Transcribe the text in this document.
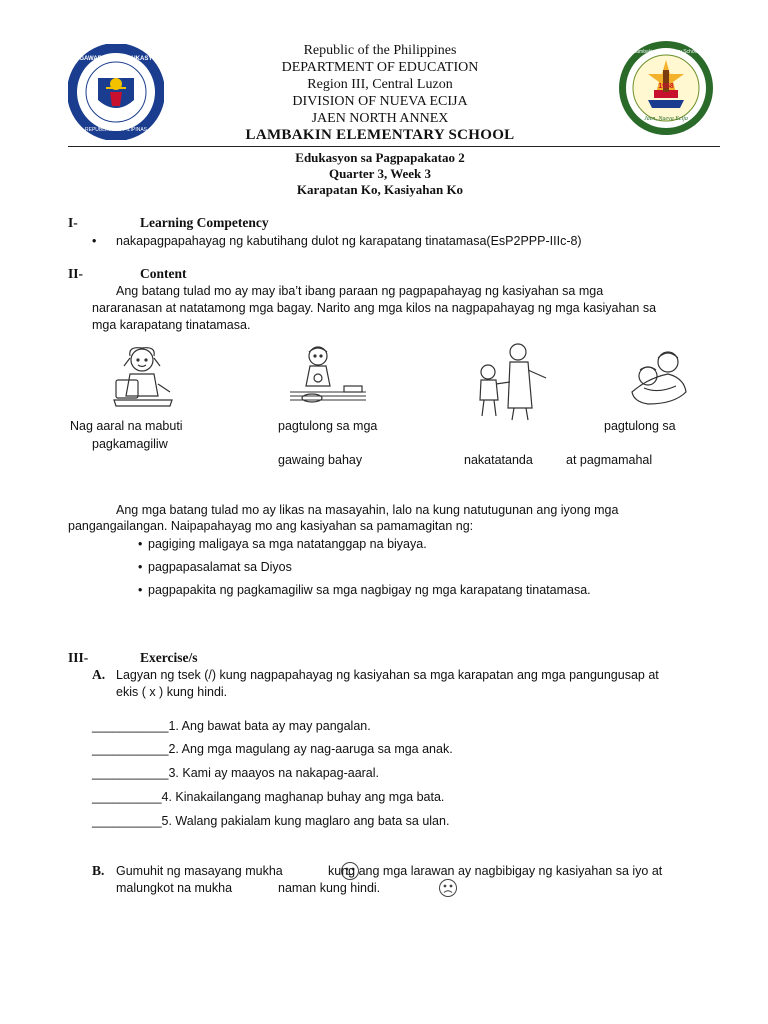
KAGAWARAN NG EDUKASYON
REPUBLIKA NG PILIPINAS
1958
Lambakin Elementary School
Jaen, Nueva Ecija
Republic of the Philippines
DEPARTMENT OF EDUCATION
Region III, Central Luzon
DIVISION OF NUEVA ECIJA
JAEN NORTH ANNEX
LAMBAKIN ELEMENTARY SCHOOL
Edukasyon sa Pagpapakatao 2
Quarter 3, Week 3
Karapatan Ko, Kasiyahan Ko
I-	Learning Competency
• nakapagpapahayag ng kabutihang dulot ng karapatang tinatamasa(EsP2PPP-IIIc-8)
II-	Content
Ang batang tulad mo ay may iba’t ibang paraan ng pagpapahayag ng kasiyahan sa mga
nararanasan at natatamong mga bagay. Narito ang mga kilos na nagpapahayag ng mga kasiyahan sa
mga karapatang tinatamasa.
Nag aaral na mabuti	pagtulong sa mga	pagtulong sa
pagkamagiliw
gawaing bahay	nakatatanda	at pagmamahal
Ang mga batang tulad mo ay likas na masayahin, lalo na kung natutugunan ang iyong mga
pangangailangan. Naipapahayag mo ang kasiyahan sa pamamagitan ng:
• pagiging maligaya sa mga natatanggap na biyaya.
• pagpapasalamat sa Diyos
• pagpapakita ng pagkamagiliw sa mga nagbigay ng mga karapatang tinatamasa.
III-	Exercise/s
A. Lagyan ng tsek (/) kung nagpapahayag ng kasiyahan sa mga karapatan ang mga pangungusap at
ekis ( x ) kung hindi.
___________1. Ang bawat bata ay may pangalan.
___________2. Ang mga magulang ay nag-aaruga sa mga anak.
___________3. Kami ay maayos na nakapag-aaral.
__________4. Kinakailangang maghanap buhay ang mga bata.
__________5. Walang pakialam kung maglaro ang bata sa ulan.
B. Gumuhit ng masayang mukha	kung ang mga larawan ay nagbibigay ng kasiyahan sa iyo at
malungkot na mukha	naman kung hindi.
